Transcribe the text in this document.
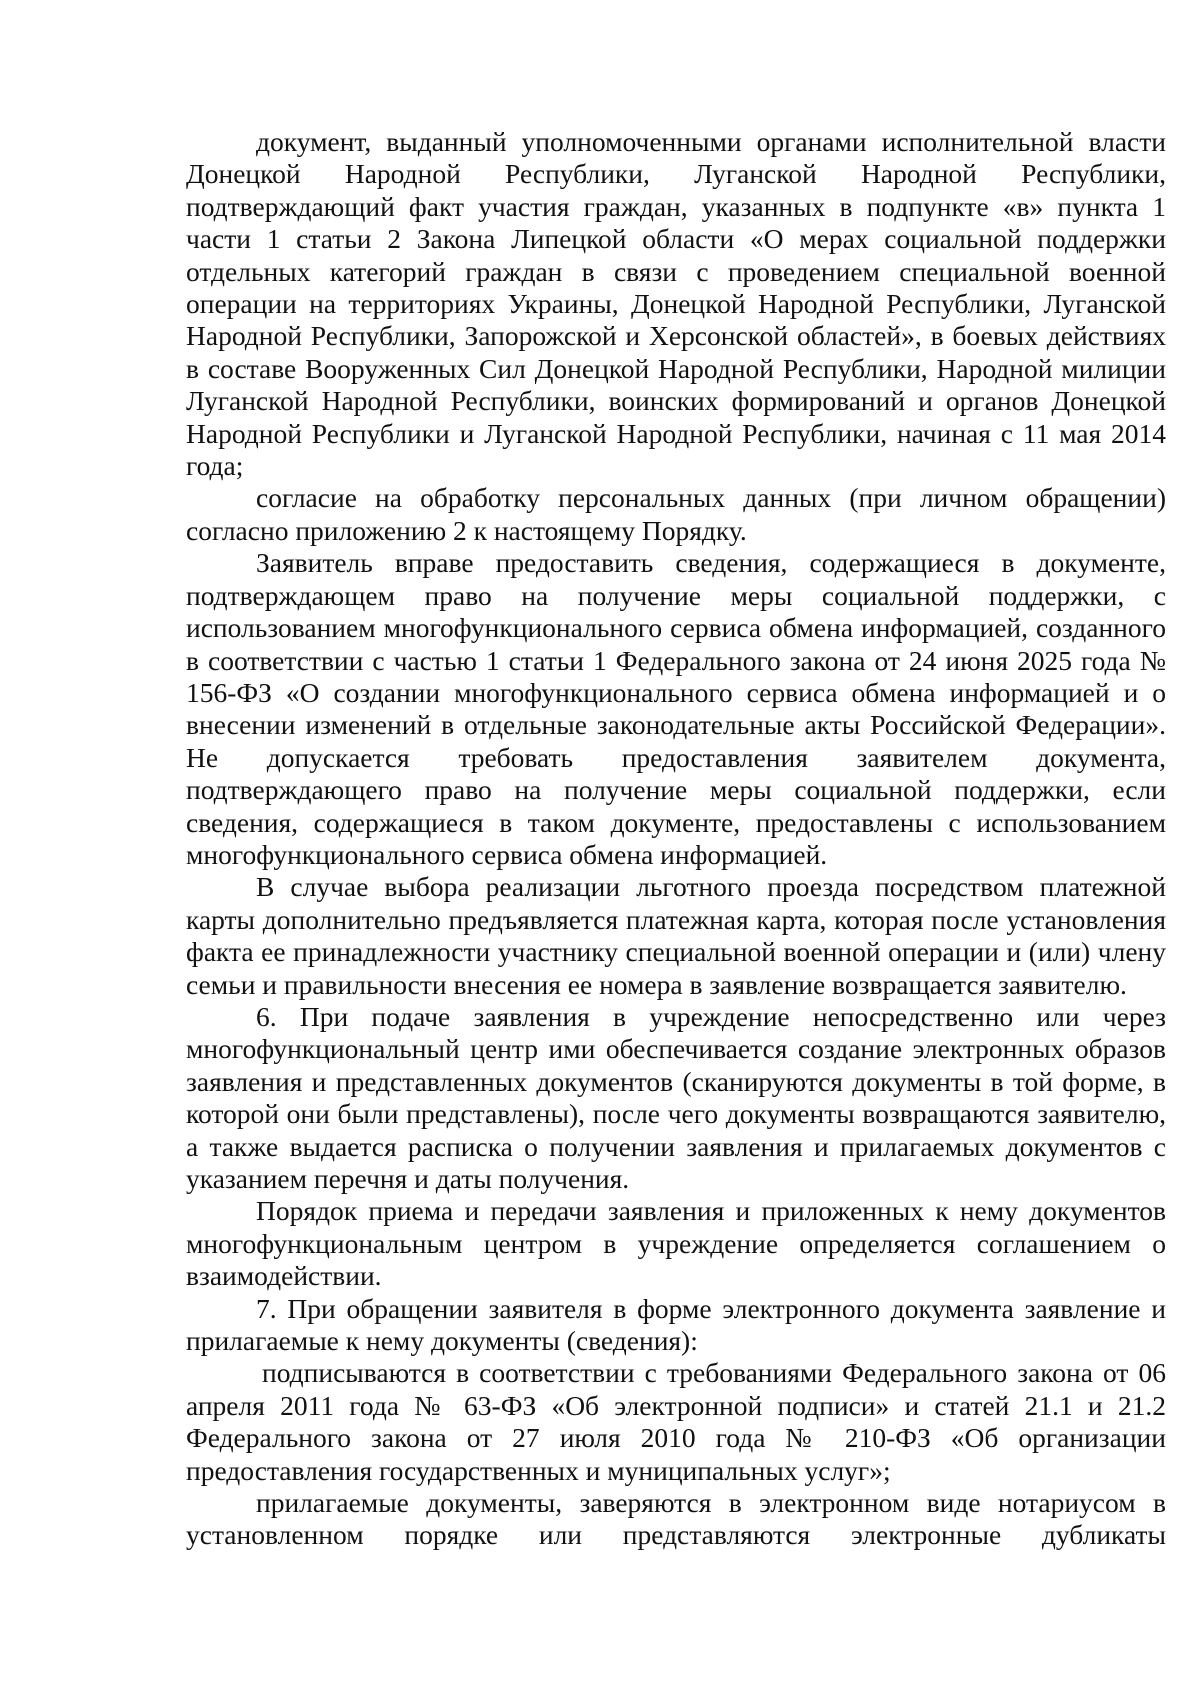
документ, выданный уполномоченными органами исполнительной власти Донецкой Народной Республики, Луганской Народной Республики, подтверждающий факт участия граждан, указанных в подпункте «в» пункта 1 части 1 статьи 2 Закона Липецкой области «О мерах социальной поддержки отдельных категорий граждан в связи с проведением специальной военной операции на территориях Украины, Донецкой Народной Республики, Луганской Народной Республики, Запорожской и Херсонской областей», в боевых действиях в составе Вооруженных Сил Донецкой Народной Республики, Народной милиции Луганской Народной Республики, воинских формирований и органов Донецкой Народной Республики и Луганской Народной Республики, начиная с 11 мая 2014 года;

согласие на обработку персональных данных (при личном обращении) согласно приложению 2 к настоящему Порядку.

Заявитель вправе предоставить сведения, содержащиеся в документе, подтверждающем право на получение меры социальной поддержки, с использованием многофункционального сервиса обмена информацией, созданного в соответствии с частью 1 статьи 1 Федерального закона от 24 июня 2025 года № 156-ФЗ «О создании многофункционального сервиса обмена информацией и о внесении изменений в отдельные законодательные акты Российской Федерации». Не допускается требовать предоставления заявителем документа, подтверждающего право на получение меры социальной поддержки, если сведения, содержащиеся в таком документе, предоставлены с использованием многофункционального сервиса обмена информацией.

В случае выбора реализации льготного проезда посредством платежной карты дополнительно предъявляется платежная карта, которая после установления факта ее принадлежности участнику специальной военной операции и (или) члену семьи и правильности внесения ее номера в заявление возвращается заявителю.

6. При подаче заявления в учреждение непосредственно или через многофункциональный центр ими обеспечивается создание электронных образов заявления и представленных документов (сканируются документы в той форме, в которой они были представлены), после чего документы возвращаются заявителю, а также выдается расписка о получении заявления и прилагаемых документов с указанием перечня и даты получения.

Порядок приема и передачи заявления и приложенных к нему документов многофункциональным центром в учреждение определяется соглашением о взаимодействии.

7. При обращении заявителя в форме электронного документа заявление и прилагаемые к нему документы (сведения):

подписываются в соответствии с требованиями Федерального закона от 06 апреля 2011 года № 63-ФЗ «Об электронной подписи» и статей 21.1 и 21.2 Федерального закона от 27 июля 2010 года № 210-ФЗ «Об организации предоставления государственных и муниципальных услуг»;

прилагаемые документы, заверяются в электронном виде нотариусом в установленном порядке или представляются электронные дубликаты
